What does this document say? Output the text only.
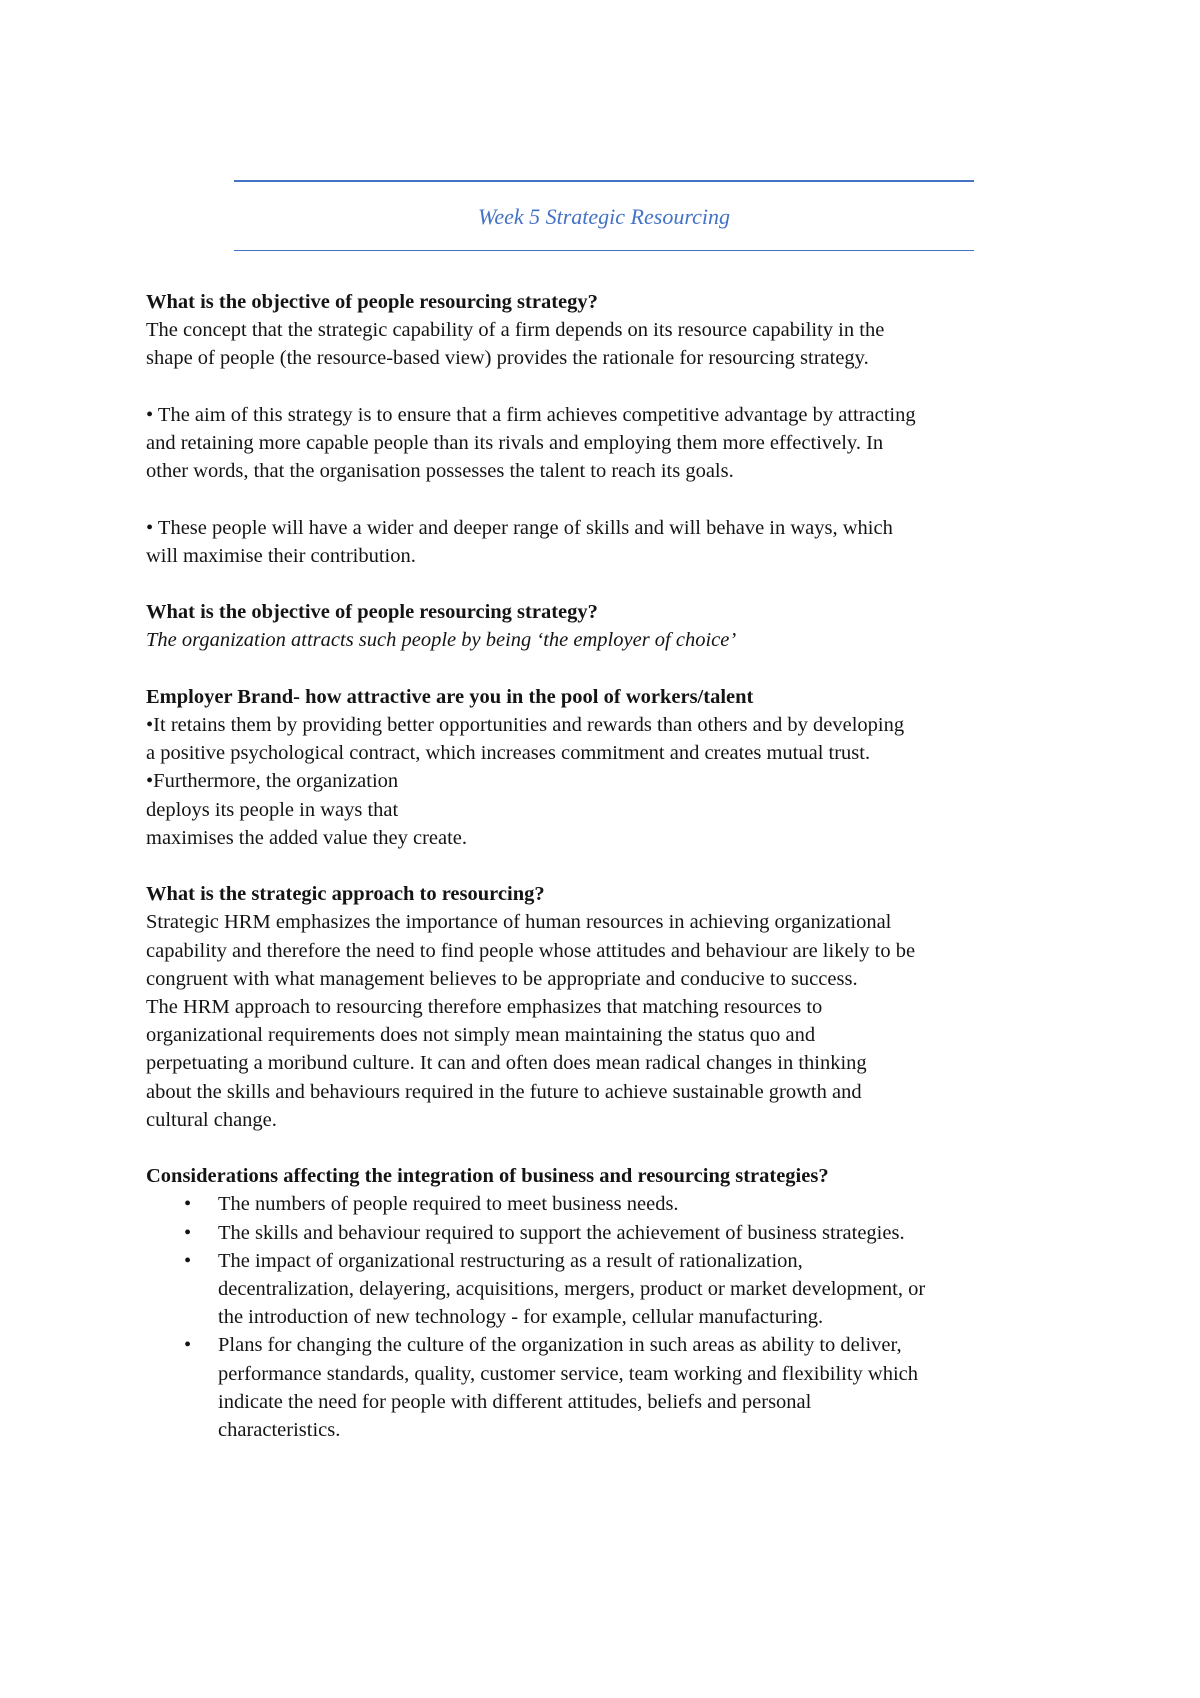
Week 5 Strategic Resourcing

What is the objective of people resourcing strategy?

The concept that the strategic capability of a firm depends on its resource capability in the

shape of people (the resource-based view) provides the rationale for resourcing strategy.

• The aim of this strategy is to ensure that a firm achieves competitive advantage by attracting

and retaining more capable people than its rivals and employing them more effectively. In

other words, that the organisation possesses the talent to reach its goals.

• These people will have a wider and deeper range of skills and will behave in ways, which

will maximise their contribution.

What is the objective of people resourcing strategy?

The organization attracts such people by being ‘the employer of choice’

Employer Brand- how attractive are you in the pool of workers/talent

•It retains them by providing better opportunities and rewards than others and by developing

a positive psychological contract, which increases commitment and creates mutual trust.

•Furthermore, the organization

deploys its people in ways that

maximises the added value they create.

What is the strategic approach to resourcing?

Strategic HRM emphasizes the importance of human resources in achieving organizational

capability and therefore the need to find people whose attitudes and behaviour are likely to be

congruent with what management believes to be appropriate and conducive to success.

The HRM approach to resourcing therefore emphasizes that matching resources to

organizational requirements does not simply mean maintaining the status quo and

perpetuating a moribund culture. It can and often does mean radical changes in thinking

about the skills and behaviours required in the future to achieve sustainable growth and

cultural change.

Considerations affecting the integration of business and resourcing strategies?

• The numbers of people required to meet business needs.
• The skills and behaviour required to support the achievement of business strategies.
• The impact of organizational restructuring as a result of rationalization,
decentralization, delayering, acquisitions, mergers, product or market development, or
the introduction of new technology - for example, cellular manufacturing.
• Plans for changing the culture of the organization in such areas as ability to deliver,
performance standards, quality, customer service, team working and flexibility which
indicate the need for people with different attitudes, beliefs and personal
characteristics.
